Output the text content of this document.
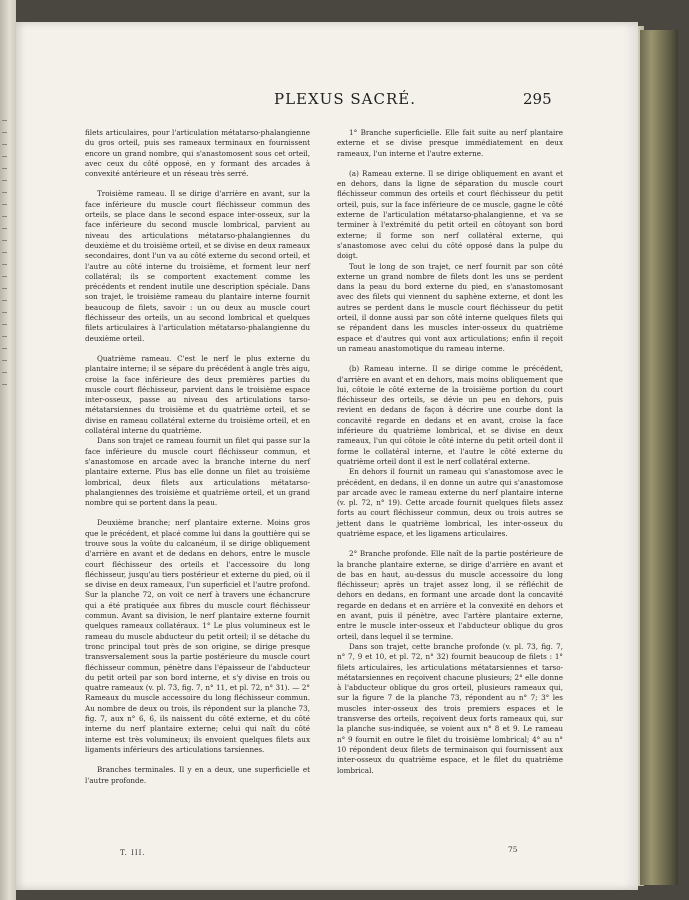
PLEXUS SACRÉ.	295

filets articulaires, pour l'articulation métatarso-phalangienne du gros orteil, puis ses rameaux terminaux en fournissent encore un grand nombre, qui s'anastomosent sous cet orteil, avec ceux du côté opposé, en y formant des arcades à convexité antérieure et un réseau très serré.

Troisième rameau. Il se dirige d'arrière en avant, sur la face inférieure du muscle court fléchisseur commun des orteils, se place dans le second espace inter-osseux, sur la face inférieure du second muscle lombrical, parvient au niveau des articulations métatarso-phalangiennes du deuxième et du troisième orteil, et se divise en deux rameaux secondaires, dont l'un va au côté externe du second orteil, et l'autre au côté interne du troisième, et forment leur nerf collatéral; ils se comportent exactement comme les précédents et rendent inutile une description spéciale. Dans son trajet, le troisième rameau du plantaire interne fournit beaucoup de filets, savoir : un ou deux au muscle court fléchisseur des orteils, un au second lombrical et quelques filets articulaires à l'articulation métatarso-phalangienne du deuxième orteil.

Quatrième rameau. C'est le nerf le plus externe du plantaire interne; il se sépare du précédent à angle très aigu, croise la face inférieure des deux premières parties du muscle court fléchisseur, parvient dans le troisième espace inter-osseux, passe au niveau des articulations tarso-métatarsiennes du troisième et du quatrième orteil, et se divise en rameau collatéral externe du troisième orteil, et en collatéral interne du quatrième.

Dans son trajet ce rameau fournit un filet qui passe sur la face inférieure du muscle court fléchisseur commun, et s'anastomose en arcade avec la branche interne du nerf plantaire externe. Plus bas elle donne un filet au troisième lombrical, deux filets aux articulations métatarso-phalangiennes des troisième et quatrième orteil, et un grand nombre qui se portent dans la peau.

Deuxième branche; nerf plantaire externe. Moins gros que le précédent, et placé comme lui dans la gouttière qui se trouve sous la voûte du calcanéum, il se dirige obliquement d'arrière en avant et de dedans en dehors, entre le muscle court fléchisseur des orteils et l'accessoire du long fléchisseur, jusqu'au tiers postérieur et externe du pied, où il se divise en deux rameaux, l'un superficiel et l'autre profond. Sur la planche 72, on voit ce nerf à travers une échancrure qui a été pratiquée aux fibres du muscle court fléchisseur commun. Avant sa division, le nerf plantaire externe fournit quelques rameaux collatéraux. 1° Le plus volumineux est le rameau du muscle abducteur du petit orteil; il se détache du tronc principal tout près de son origine, se dirige presque transversalement sous la partie postérieure du muscle court fléchisseur commun, pénètre dans l'épaisseur de l'abducteur du petit orteil par son bord interne, et s'y divise en trois ou quatre rameaux (v. pl. 73, fig. 7, n° 11, et pl. 72, n° 31). — 2° Rameaux du muscle accessoire du long fléchisseur commun. Au nombre de deux ou trois, ils répondent sur la planche 73, fig. 7, aux n° 6, 6, ils naissent du côté externe, et du côté interne du nerf plantaire externe; celui qui naît du côté interne est très volumineux; ils envoient quelques filets aux ligaments inférieurs des articulations tarsiennes.

Branches terminales. Il y en a deux, une superficielle et l'autre profonde.

1° Branche superficielle. Elle fait suite au nerf plantaire externe et se divise presque immédiatement en deux rameaux, l'un interne et l'autre externe.

(a) Rameau externe. Il se dirige obliquement en avant et en dehors, dans la ligne de séparation du muscle court fléchisseur commun des orteils et court fléchisseur du petit orteil, puis, sur la face inférieure de ce muscle, gagne le côté externe de l'articulation métatarso-phalangienne, et va se terminer à l'extrémité du petit orteil en côtoyant son bord externe; il forme son nerf collatéral externe, qui s'anastomose avec celui du côté opposé dans la pulpe du doigt.

Tout le long de son trajet, ce nerf fournit par son côté externe un grand nombre de filets dont les uns se perdent dans la peau du bord externe du pied, en s'anastomosant avec des filets qui viennent du saphène externe, et dont les autres se perdent dans le muscle court fléchisseur du petit orteil, il donne aussi par son côté interne quelques filets qui se répandent dans les muscles inter-osseux du quatrième espace et d'autres qui vont aux articulations; enfin il reçoit un rameau anastomotique du rameau interne.

(b) Rameau interne. Il se dirige comme le précédent, d'arrière en avant et en dehors, mais moins obliquement que lui, côtoie le côté externe de la troisième portion du court fléchisseur des orteils, se dévie un peu en dehors, puis revient en dedans de façon à décrire une courbe dont la concavité regarde en dedans et en avant, croise la face inférieure du quatrième lombrical, et se divise en deux rameaux, l'un qui côtoie le côté interne du petit orteil dont il forme le collatéral interne, et l'autre le côté externe du quatrième orteil dont il est le nerf collatéral externe.

En dehors il fournit un rameau qui s'anastomose avec le précédent, en dedans, il en donne un autre qui s'anastomose par arcade avec le rameau externe du nerf plantaire interne (v. pl. 72, n° 19). Cette arcade fournit quelques filets assez forts au court fléchisseur commun, deux ou trois autres se jettent dans le quatrième lombrical, les inter-osseux du quatrième espace, et les ligamens articulaires.

2° Branche profonde. Elle naît de la partie postérieure de la branche plantaire externe, se dirige d'arrière en avant et de bas en haut, au-dessus du muscle accessoire du long fléchisseur; après un trajet assez long, il se réfléchit de dehors en dedans, en formant une arcade dont la concavité regarde en dedans et en arrière et la convexité en dehors et en avant, puis il pénètre, avec l'artère plantaire externe, entre le muscle inter-osseux et l'abducteur oblique du gros orteil, dans lequel il se termine.

Dans son trajet, cette branche profonde (v. pl. 73, fig. 7, n° 7, 9 et 10, et pl. 72, n° 32) fournit beaucoup de filets : 1° filets articulaires, les articulations métatarsiennes et tarso-métatarsiennes en reçoivent chacune plusieurs; 2° elle donne à l'abducteur oblique du gros orteil, plusieurs rameaux qui, sur la figure 7 de la planche 73, répondent au n° 7; 3° les muscles inter-osseux des trois premiers espaces et le transverse des orteils, reçoivent deux forts rameaux qui, sur la planche sus-indiquée, se voient aux n° 8 et 9. Le rameau n° 9 fournit en outre le filet du troisième lombrical; 4° au n° 10 répondent deux filets de terminaison qui fournissent aux inter-osseux du quatrième espace, et le filet du quatrième lombrical.

T. III.	75
